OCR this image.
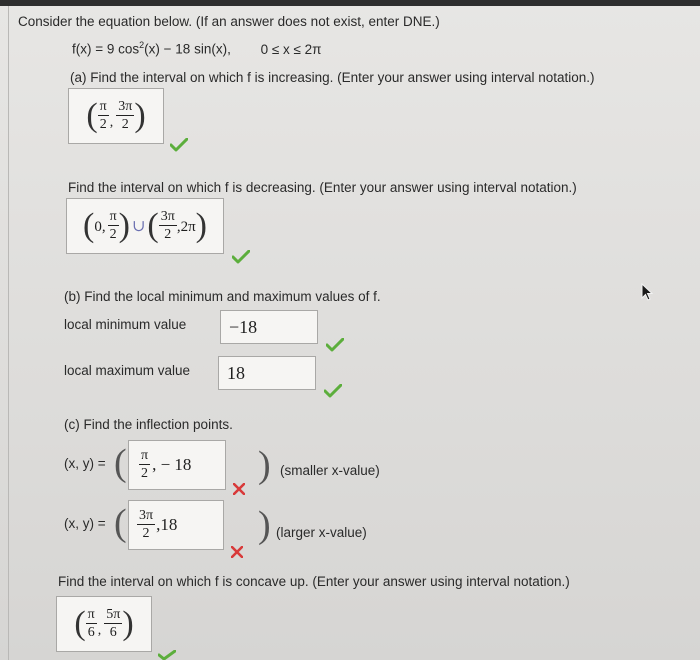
Consider the equation below. (If an answer does not exist, enter DNE.)
f(x) = 9 $\cos^2(x) - 18$ sin(x), 0 ≤ x ≤ 2π
(a) Find the interval on which f is increasing. (Enter your answer using interval notation.)
( $\frac{\pi}{2}$ , $\frac{3\pi}{2}$ )
Find the interval on which f is decreasing. (Enter your answer using interval notation.)
( 0, $\frac{\pi}{2}$ ) ∪ ( $\frac{3\pi}{2} ,2\pi$ )
(b) Find the local minimum and maximum values of f.
local minimum value	−18
local maximum value	18
(c) Find the inflection points.
(x, y) = ( $\frac{\pi}{2}$ , − 18 ) (smaller x-value)
(x, y) = ( $\frac{3\pi}{2} ,18$ ) (larger x-value)
Find the interval on which f is concave up. (Enter your answer using interval notation.)
( $\frac{\pi}{6}$ , $\frac{5\pi}{6}$ )
